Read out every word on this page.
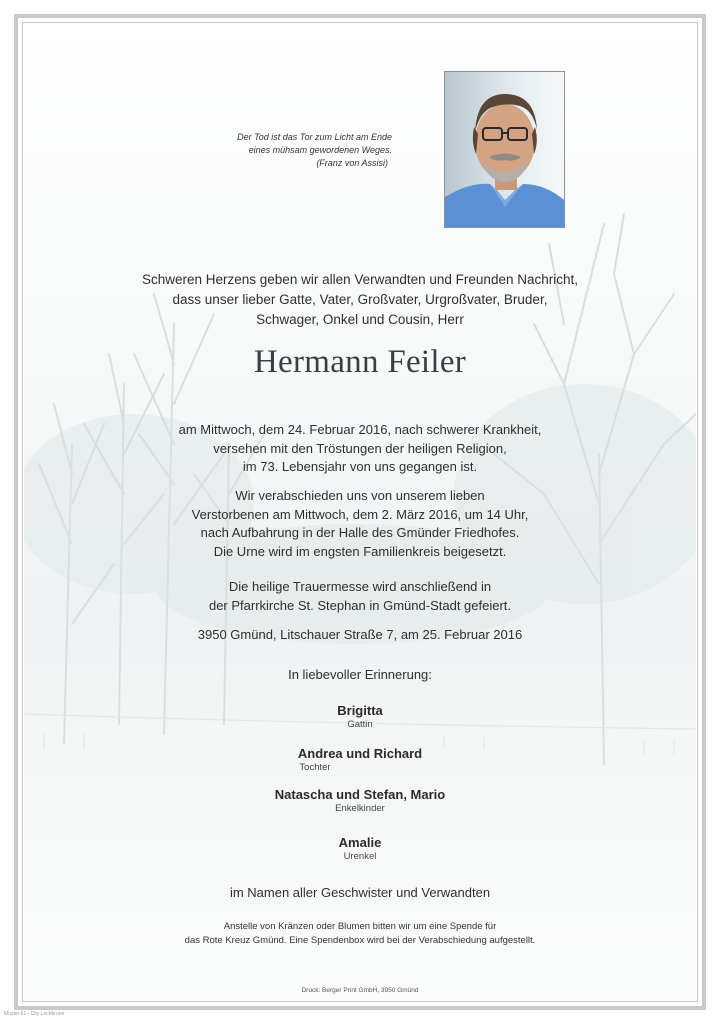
Der Tod ist das Tor zum Licht am Ende
eines mühsam gewordenen Weges.
(Franz von Assisi)
Schweren Herzens geben wir allen Verwandten und Freunden Nachricht,
dass unser lieber Gatte, Vater, Großvater, Urgroßvater, Bruder,
Schwager, Onkel und Cousin, Herr
Hermann Feiler
am Mittwoch, dem 24. Februar 2016, nach schwerer Krankheit,
versehen mit den Tröstungen der heiligen Religion,
im 73. Lebensjahr von uns gegangen ist.
Wir verabschieden uns von unserem lieben
Verstorbenen am Mittwoch, dem 2. März 2016, um 14 Uhr,
nach Aufbahrung in der Halle des Gmünder Friedhofes.
Die Urne wird im engsten Familienkreis beigesetzt.
Die heilige Trauermesse wird anschließend in
der Pfarrkirche St. Stephan in Gmünd-Stadt gefeiert.
3950 Gmünd, Litschauer Straße 7, am 25. Februar 2016
In liebevoller Erinnerung:
Brigitta
Gattin
Andrea und Richard
Tochter
Natascha und Stefan, Mario
Enkelkinder
Amalie
Urenkel
im Namen aller Geschwister und Verwandten
Anstelle von Kränzen oder Blumen bitten wir um eine Spende für
das Rote Kreuz Gmünd. Eine Spendenbox wird bei der Verabschiedung aufgestellt.
Druck: Berger Print GmbH, 3950 Gmünd
Muster 61 - City Lochbrunn
